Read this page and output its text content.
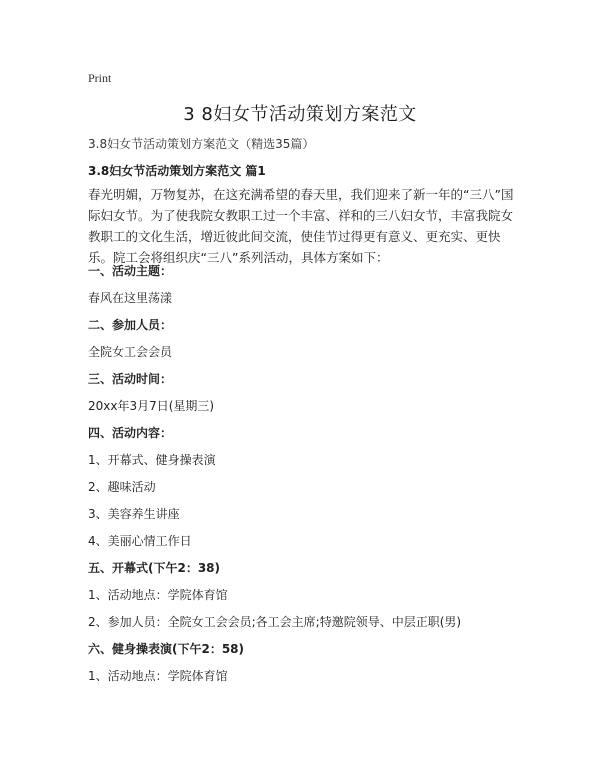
Print
3 8妇女节活动策划方案范文
3.8妇女节活动策划方案范文（精选35篇）
3.8妇女节活动策划方案范文 篇1
春光明媚，万物复苏，在这充满希望的春天里，我们迎来了新一年的“三八”国际妇女节。为了使我院女教职工过一个丰富、祥和的三八妇女节，丰富我院女教职工的文化生活，增近彼此间交流，使佳节过得更有意义、更充实、更快乐。院工会将组织庆“三八”系列活动，具体方案如下：
一、活动主题：
春风在这里荡漾
二、参加人员：
全院女工会会员
三、活动时间：
20xx年3月7日(星期三)
四、活动内容：
1、开幕式、健身操表演
2、趣味活动
3、美容养生讲座
4、美丽心情工作日
五、开幕式(下午2：38)
1、活动地点：学院体育馆
2、参加人员：全院女工会会员;各工会主席;特邀院领导、中层正职(男)
六、健身操表演(下午2：58)
1、活动地点：学院体育馆
